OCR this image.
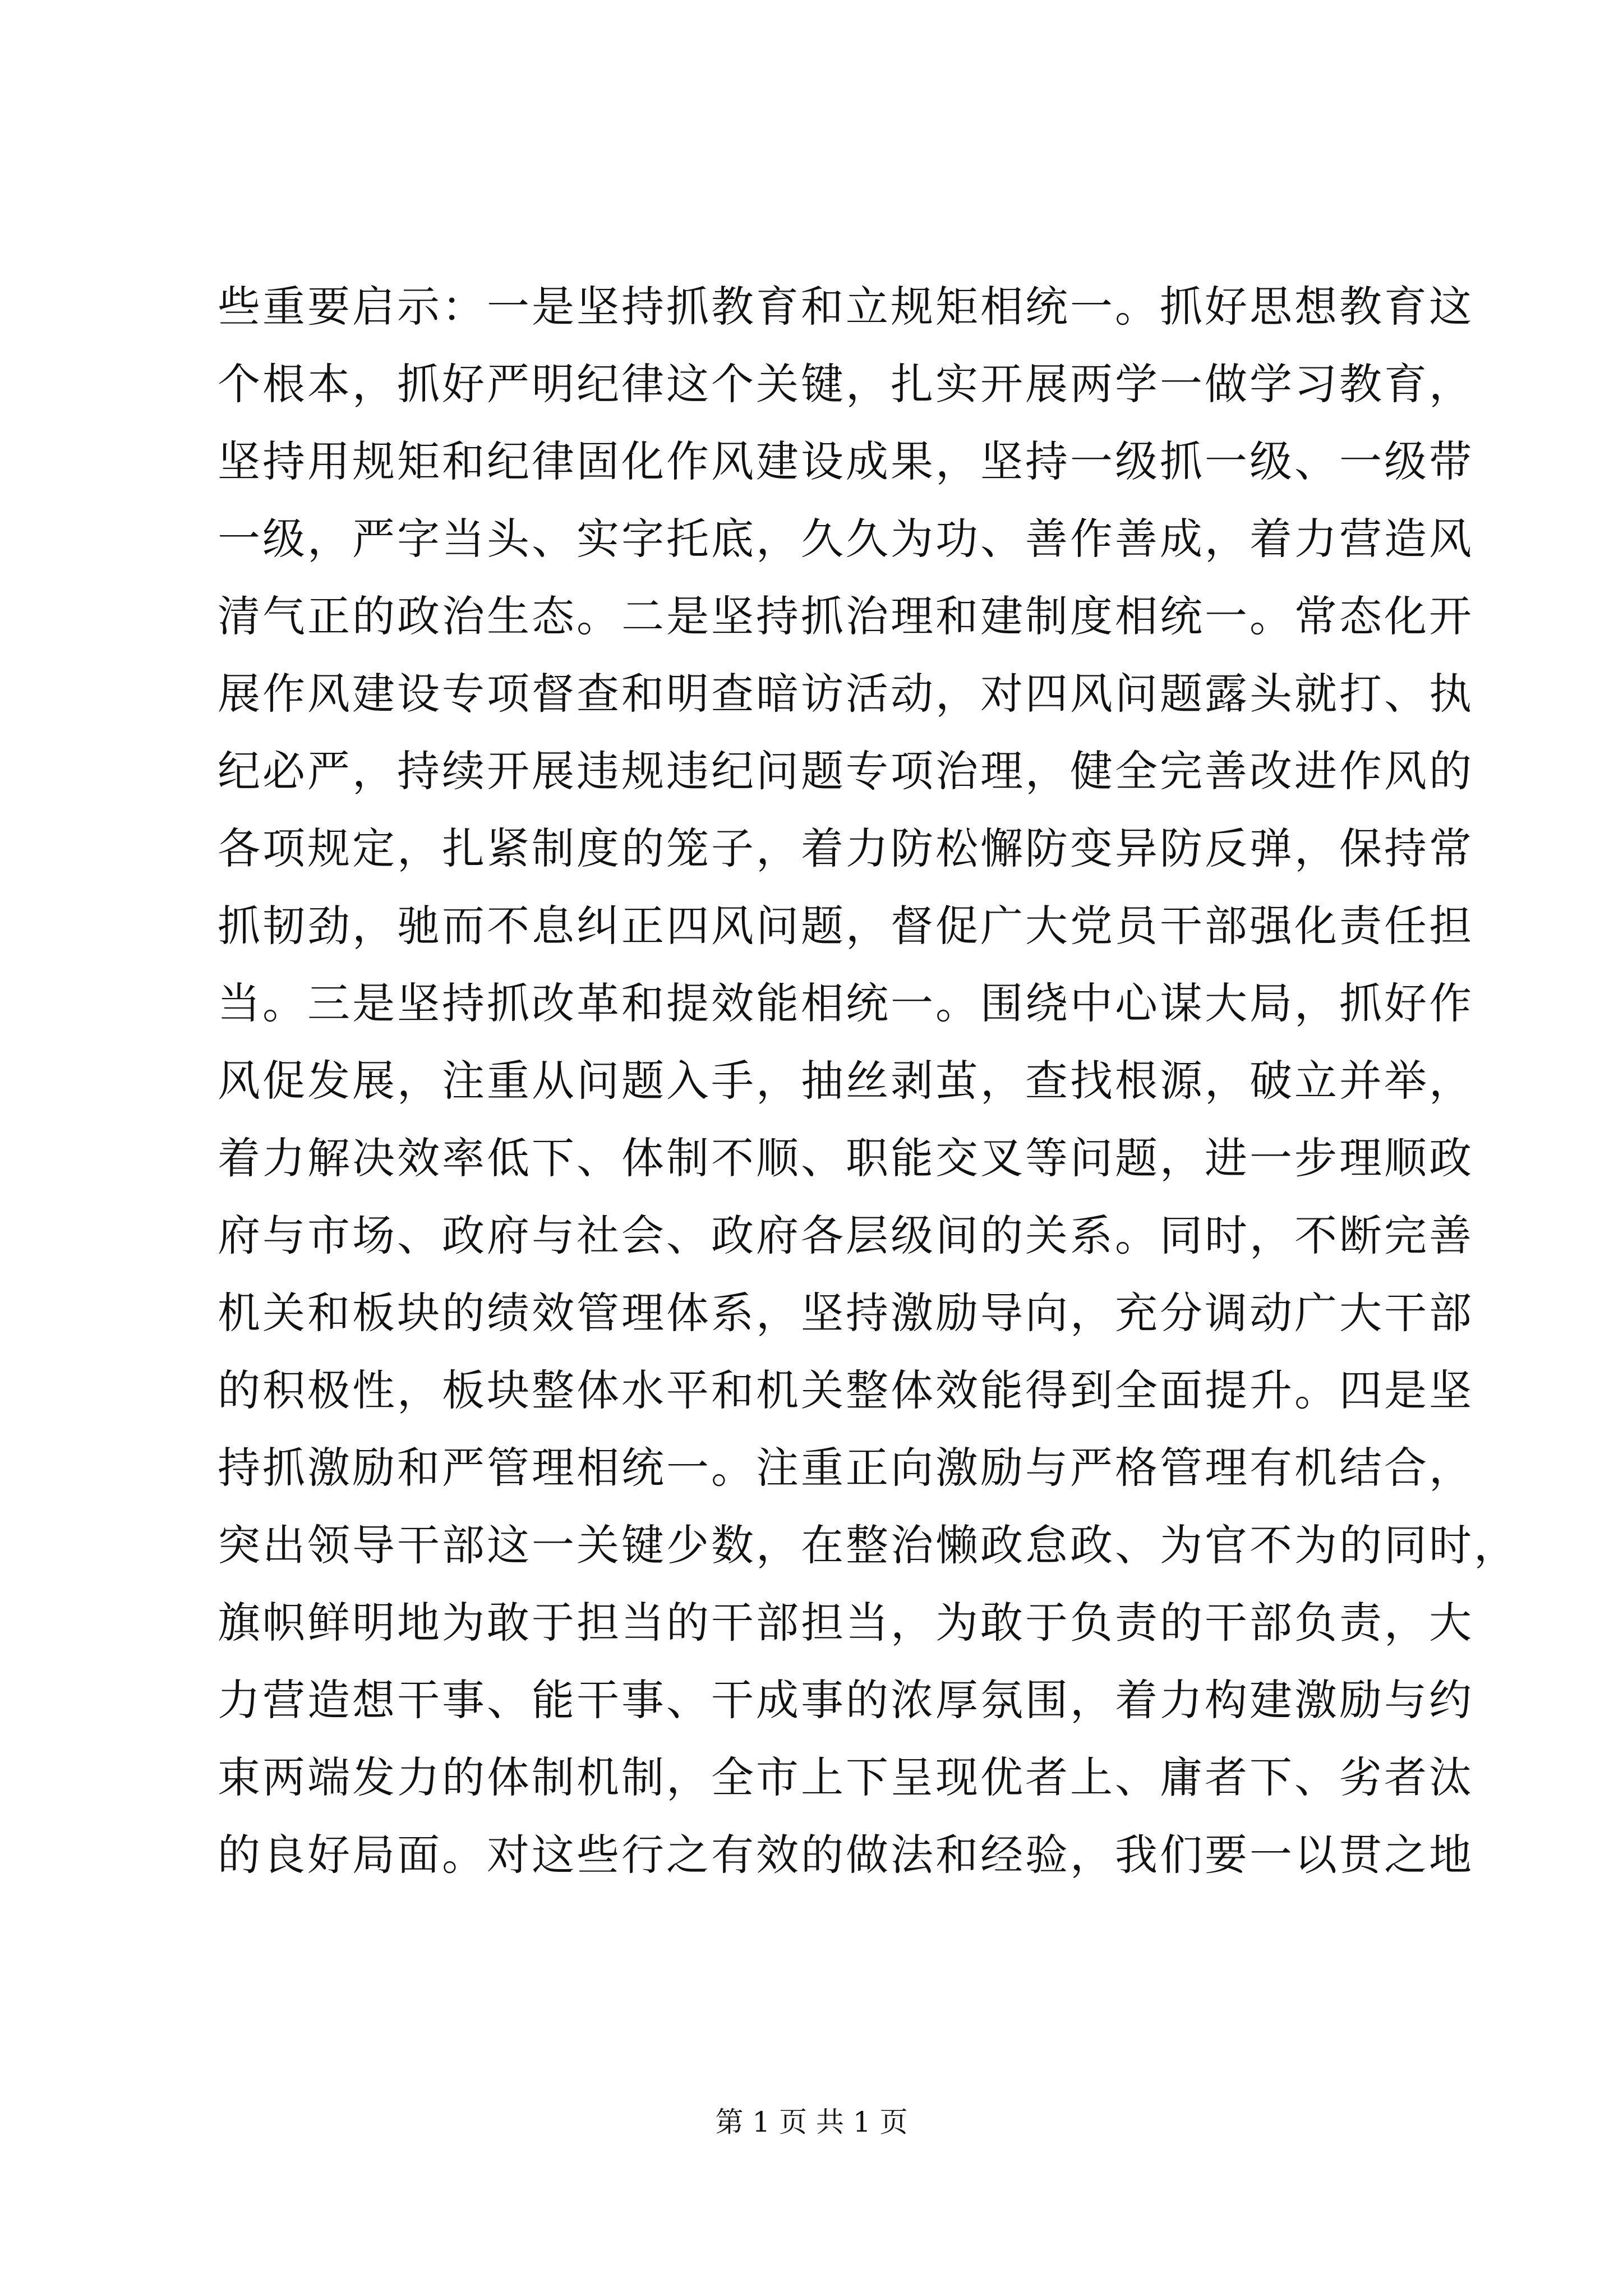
些重要启示：一是坚持抓教育和立规矩相统一。抓好思想教育这
个根本，抓好严明纪律这个关键，扎实开展两学一做学习教育，
坚持用规矩和纪律固化作风建设成果，坚持一级抓一级、一级带
一级，严字当头、实字托底，久久为功、善作善成，着力营造风
清气正的政治生态。二是坚持抓治理和建制度相统一。常态化开
展作风建设专项督查和明查暗访活动，对四风问题露头就打、执
纪必严，持续开展违规违纪问题专项治理，健全完善改进作风的
各项规定，扎紧制度的笼子，着力防松懈防变异防反弹，保持常
抓韧劲，驰而不息纠正四风问题，督促广大党员干部强化责任担
当。三是坚持抓改革和提效能相统一。围绕中心谋大局，抓好作
风促发展，注重从问题入手，抽丝剥茧，查找根源，破立并举，
着力解决效率低下、体制不顺、职能交叉等问题，进一步理顺政
府与市场、政府与社会、政府各层级间的关系。同时，不断完善
机关和板块的绩效管理体系，坚持激励导向，充分调动广大干部
的积极性，板块整体水平和机关整体效能得到全面提升。四是坚
持抓激励和严管理相统一。注重正向激励与严格管理有机结合，
突出领导干部这一关键少数，在整治懒政怠政、为官不为的同时，
旗帜鲜明地为敢于担当的干部担当，为敢于负责的干部负责，大
力营造想干事、能干事、干成事的浓厚氛围，着力构建激励与约
束两端发力的体制机制，全市上下呈现优者上、庸者下、劣者汰
的良好局面。对这些行之有效的做法和经验，我们要一以贯之地
第 1 页 共 1 页
